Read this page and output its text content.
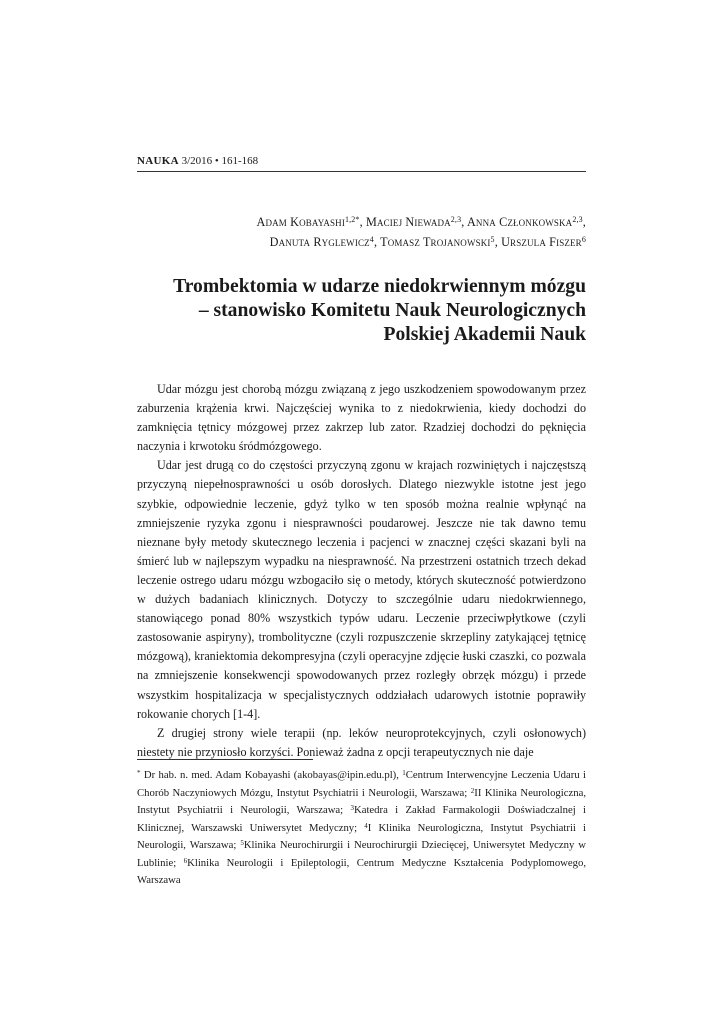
NAUKA 3/2016 • 161-168
Adam Kobayashi$^{1,2*}$, Maciej Niewada$^{2,3}$, Anna Członkowska$^{2,3}$,
Danuta Ryglewicz$^4$, Tomasz Trojanowski$^5$, Urszula Fiszer$^6$
Trombektomia w udarze niedokrwiennym mózgu
– stanowisko Komitetu Nauk Neurologicznych
Polskiej Akademii Nauk

Udar mózgu jest chorobą mózgu związaną z jego uszkodzeniem spowodowanym przez zaburzenia krążenia krwi. Najczęściej wynika to z niedokrwienia, kiedy dochodzi do zamknięcia tętnicy mózgowej przez zakrzep lub zator. Rzadziej dochodzi do pęknięcia naczynia i krwotoku śródmózgowego.

Udar jest drugą co do częstości przyczyną zgonu w krajach rozwiniętych i najczęstszą przyczyną niepełnosprawności u osób dorosłych. Dlatego niezwykle istotne jest jego szybkie, odpowiednie leczenie, gdyż tylko w ten sposób można realnie wpłynąć na zmniejszenie ryzyka zgonu i niesprawności poudarowej. Jeszcze nie tak dawno temu nieznane były metody skutecznego leczenia i pacjenci w znacznej części skazani byli na śmierć lub w najlepszym wypadku na niesprawność. Na przestrzeni ostatnich trzech dekad leczenie ostrego udaru mózgu wzbogaciło się o metody, których skuteczność potwierdzono w dużych badaniach klinicznych. Dotyczy to szczególnie udaru niedokrwiennego, stanowiącego ponad 80% wszystkich typów udaru. Leczenie przeciwpłytkowe (czyli zastosowanie aspiryny), trombolityczne (czyli rozpuszczenie skrzepliny zatykającej tętnicę mózgową), kraniektomia dekompresyjna (czyli operacyjne zdjęcie łuski czaszki, co pozwala na zmniejszenie konsekwencji spowodowanych przez rozległy obrzęk mózgu) i przede wszystkim hospitalizacja w specjalistycznych oddziałach udarowych istotnie poprawiły rokowanie chorych [1-4].

Z drugiej strony wiele terapii (np. leków neuroprotekcyjnych, czyli osłonowych) niestety nie przyniosło korzyści. Ponieważ żadna z opcji terapeutycznych nie daje

* Dr hab. n. med. Adam Kobayashi (akobayas@ipin.edu.pl), $^1$Centrum Interwencyjne Leczenia Udaru i Chorób Naczyniowych Mózgu, Instytut Psychiatrii i Neurologii, Warszawa; $^2$II Klinika Neurologiczna, Instytut Psychiatrii i Neurologii, Warszawa; $^3$Katedra i Zakład Farmakologii Doświadczalnej i Klinicznej, Warszawski Uniwersytet Medyczny; $^4$I Klinika Neurologiczna, Instytut Psychiatrii i Neurologii, Warszawa; $^5$Klinika Neurochirurgii i Neurochirurgii Dziecięcej, Uniwersytet Medyczny w Lublinie; $^6$Klinika Neurologii i Epileptologii, Centrum Medyczne Kształcenia Podyplomowego, Warszawa
